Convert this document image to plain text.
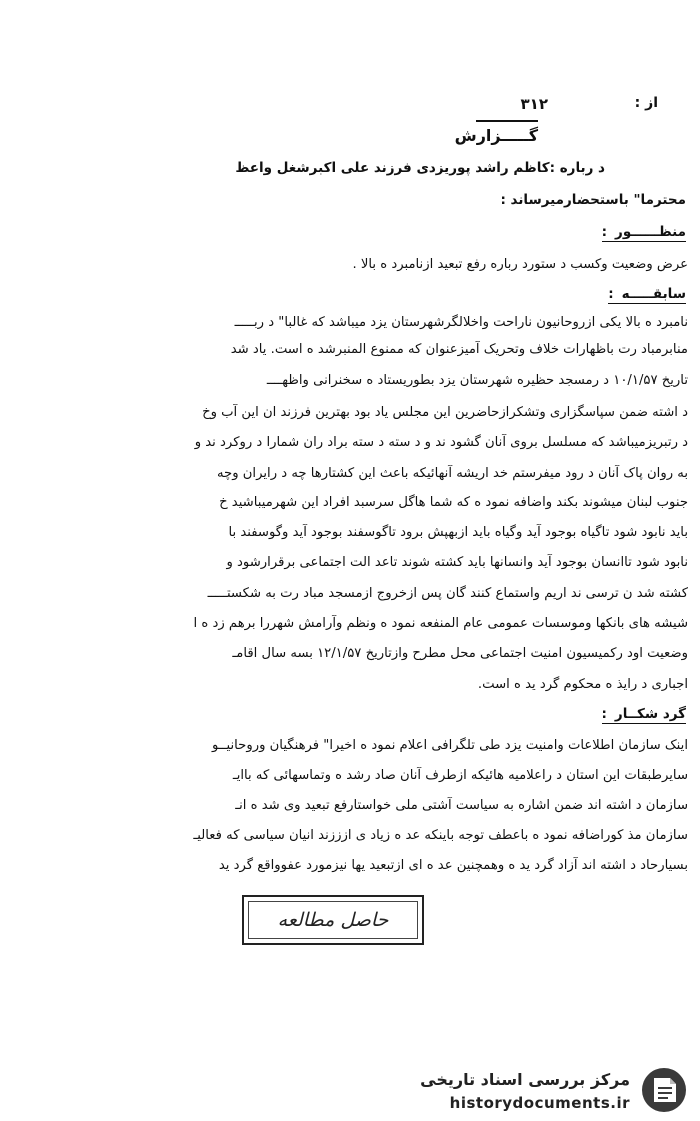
از :
۳۱۲
گـــــزارش
د رباره :کاظم راشد پوریزدی فرزند علی اکبرشغل واعظ
محترما" باستحضارمیرساند :
منظــــــور:
عرض وضعیت وکسب د ستورد رباره رفع تبعید ازنامبرد ه بالا .
سابقـــــه:
نامبرد ه بالا یکی ازروحانیون ناراحت واخلالگرشهرستان یزد میباشد که غالبا" د ربـــــ
منابرمباد رت باظهارات خلاف وتحریک آمیزعنوان که ممنوع المنبرشد ه است. یاد شد
تاریخ ۱۰/۱/۵۷ د رمسجد حظیره شهرستان یزد بطوریستاد ه سخنرانی واظهــــ
د اشته ضمن سپاسگزاری وتشکرازحاضرین این مجلس یاد بود بهترین فرزند ان این آب وخ
د رتبریزمیباشد که مسلسل بروی آنان گشود ند و د سته د سته براد ران شمارا د روکرد ند و
به روان پاک آنان د رود میفرستم خد اریشه آنهائیکه باعث این کشتارها چه د رایران وچه
جنوب لبنان میشوند بکند واضافه نمود ه که شما هاگل سرسبد افراد این شهرمیباشید خ
باید نابود شود تاگیاه بوجود آید وگیاه باید ازبهپش برود تاگوسفند بوجود آید وگوسفند با
نابود شود تاانسان بوجود آید وانسانها باید کشته شوند تاعد الت اجتماعی برقرارشود و
کشته شد ن ترسی ند اریم واستماع کنند گان پس ازخروج ازمسجد مباد رت به شکستـــــ
شیشه های بانکها وموسسات عمومی عام المنفعه نمود ه ونظم وآرامش شهررا برهم زد ه ا
وضعیت اود رکمیسیون امنیت اجتماعی محل مطرح وازتاریخ ۱۲/۱/۵۷ بسه سال اقامـ
اجباری د رایذ ه محکوم گرد ید ه است.
گرد شکــار:
اینک سازمان اطلاعات وامنیت یزد طی تلگرافی اعلام نمود ه اخیرا" فرهنگیان وروحانیــو
سایرطبقات این استان د راعلامیه هائیکه ازطرف آنان صاد رشد ه وتماسهائی که باایـ
سازمان د اشته اند ضمن اشاره به سیاست آشتی ملی خواستارفع تبعید وی شد ه انـ
سازمان مذ کوراضافه نمود ه باعطف توجه باینکه عد ه زیاد ی ازززند انیان سیاسی که فعالیـ
بسیارحاد د اشته اند آزاد گرد ید ه وهمچنین عد ه ای ازتبعید یها نیزمورد عفوواقع گرد ید
حاصل مطالعه
مرکز بررسی اسناد تاریخی
historydocuments.ir
